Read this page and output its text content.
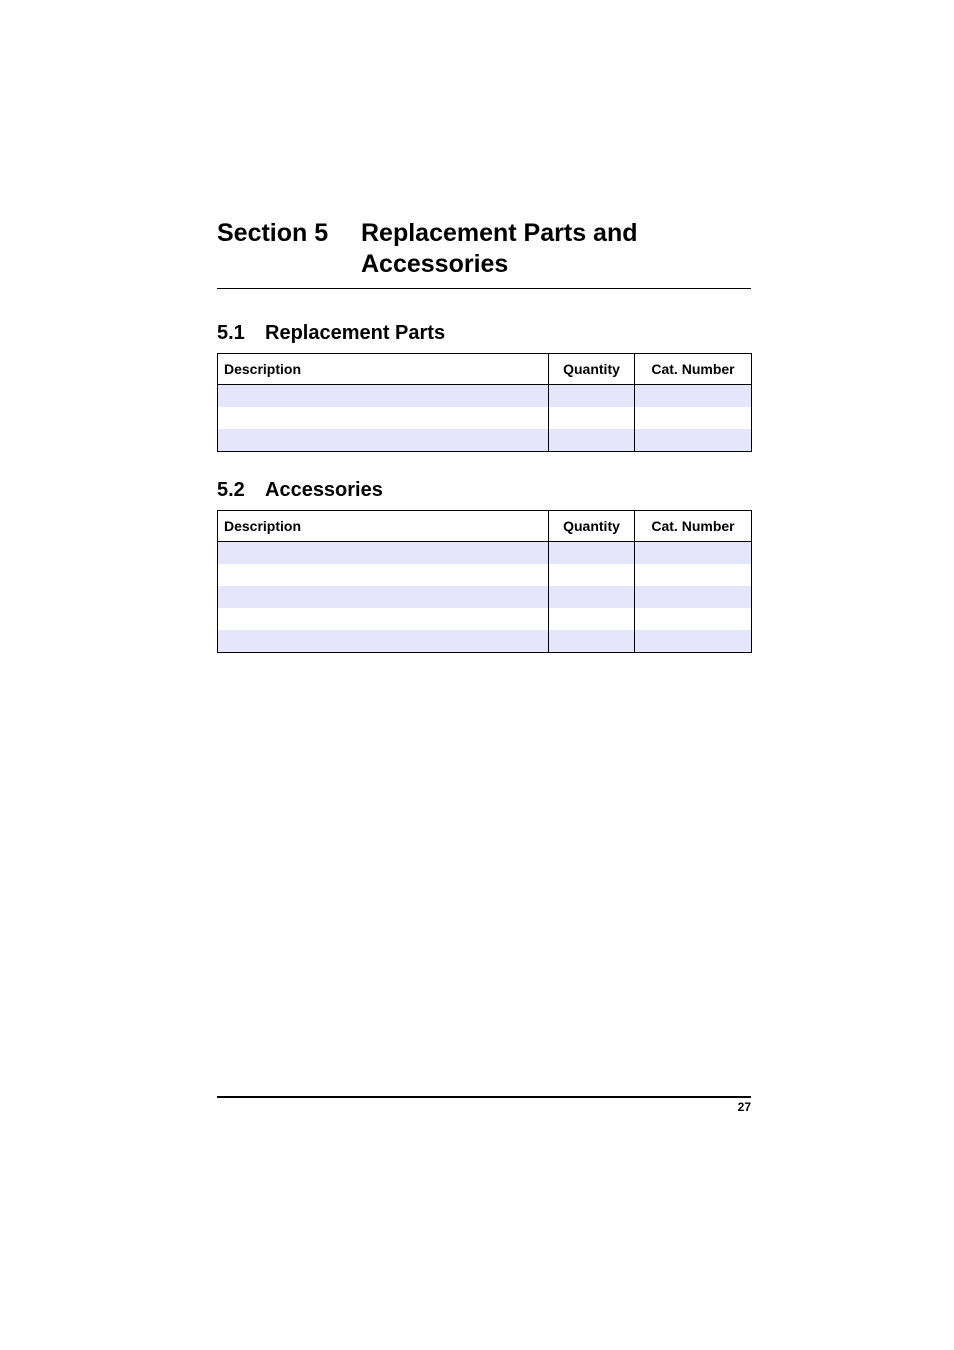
Section 5 Replacement Parts and Accessories
5.1 Replacement Parts
Description	Quantity	Cat. Number

5.2 Accessories
Description	Quantity	Cat. Number

27
